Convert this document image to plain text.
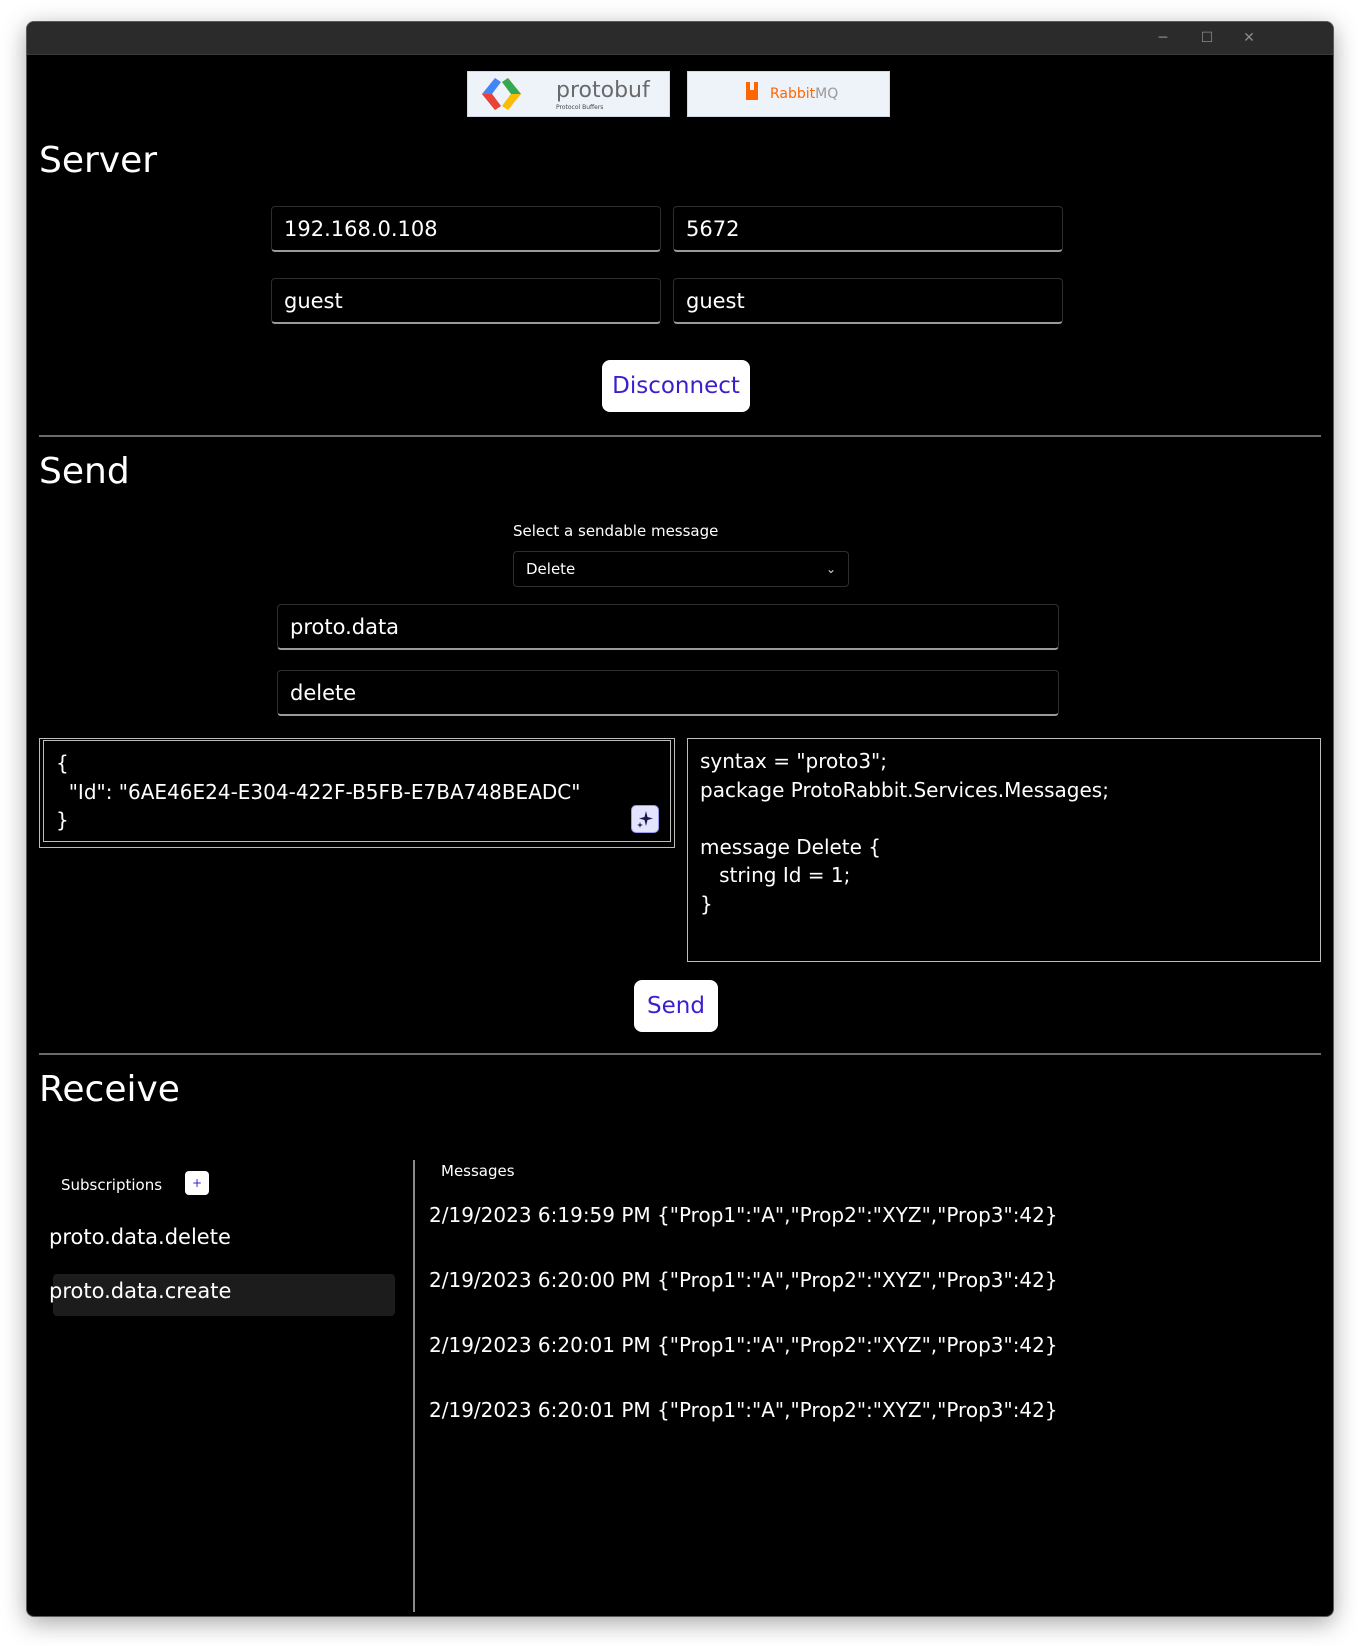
─	☐	✕
protobuf
Protocol Buffers
RabbitMQ
Server
192.168.0.108	5672
guest	guest
Disconnect
Send
Select a sendable message
Delete	⌄
proto.data
delete
{
"Id": "6AE46E24-E304-422F-B5FB-E7BA748BEADC"
}
syntax = "proto3";
package ProtoRabbit.Services.Messages;

message Delete {
string Id = 1;
}
Send
Receive
Subscriptions	+
proto.data.delete
proto.data.create
Messages
2/19/2023 6:19:59 PM {"Prop1":"A","Prop2":"XYZ","Prop3":42}
2/19/2023 6:20:00 PM {"Prop1":"A","Prop2":"XYZ","Prop3":42}
2/19/2023 6:20:01 PM {"Prop1":"A","Prop2":"XYZ","Prop3":42}
2/19/2023 6:20:01 PM {"Prop1":"A","Prop2":"XYZ","Prop3":42}
